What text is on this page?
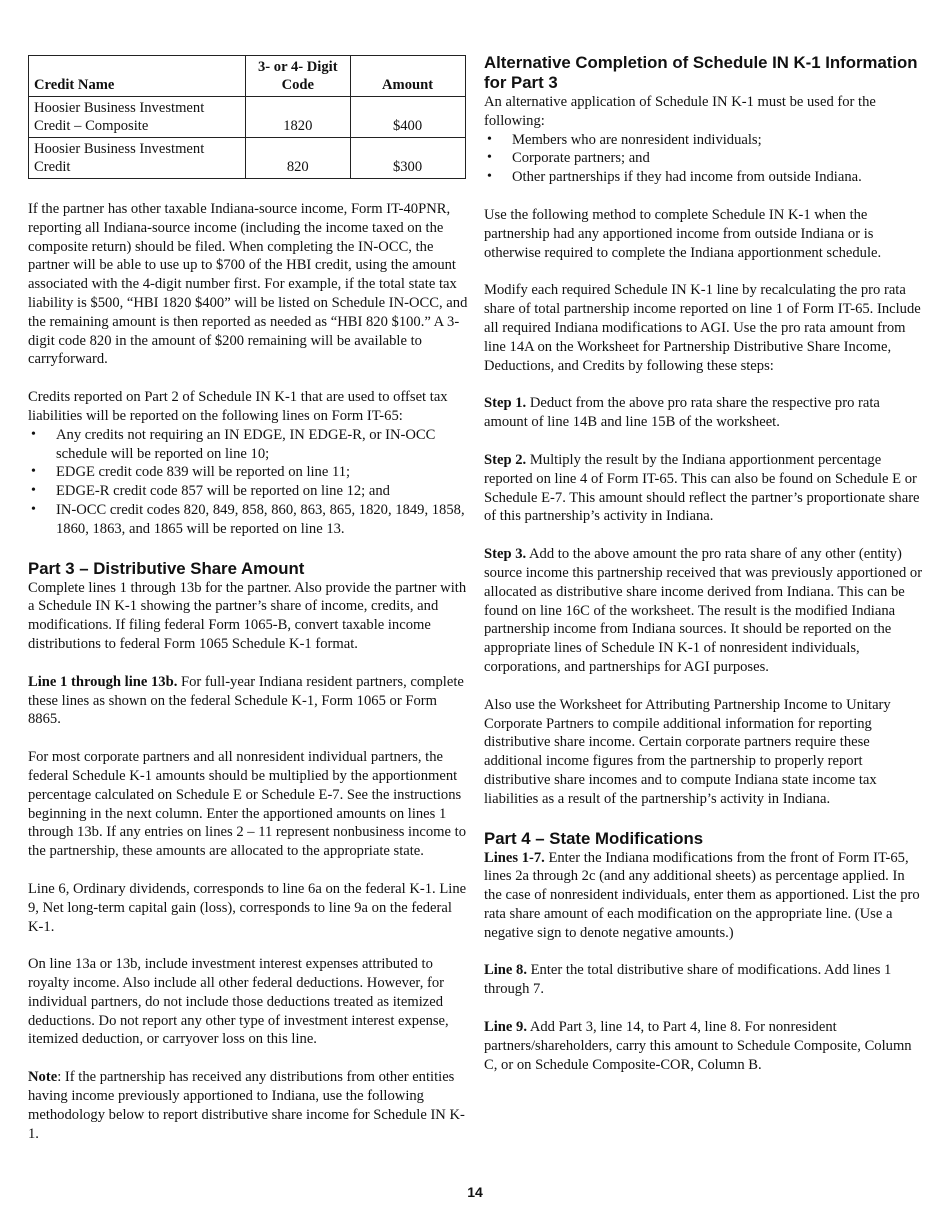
Credit Name	3- or 4- Digit Code	Amount
Hoosier Business Investment Credit – Composite	1820	$400
Hoosier Business Investment Credit	820	$300

If the partner has other taxable Indiana-source income, Form IT-40PNR, reporting all Indiana-source income (including the income taxed on the composite return) should be filed. When completing the IN-OCC, the partner will be able to use up to $700 of the HBI credit, using the amount associated with the 4-digit number first. For example, if the total state tax liability is $500, “HBI 1820 $400” will be listed on Schedule IN-OCC, and the remaining amount is then reported as needed as “HBI 820 $100.” A 3-digit code 820 in the amount of $200 remaining will be available to carryforward.

Credits reported on Part 2 of Schedule IN K-1 that are used to offset tax liabilities will be reported on the following lines on Form IT-65:

• Any credits not requiring an IN EDGE, IN EDGE-R, or IN-OCC schedule will be reported on line 10;
• EDGE credit code 839 will be reported on line 11;
• EDGE-R credit code 857 will be reported on line 12; and
• IN-OCC credit codes 820, 849, 858, 860, 863, 865, 1820, 1849, 1858, 1860, 1863, and 1865 will be reported on line 13.
Part 3 – Distributive Share Amount

Complete lines 1 through 13b for the partner. Also provide the partner with a Schedule IN K-1 showing the partner’s share of income, credits, and modifications. If filing federal Form 1065-B, convert taxable income distributions to federal Form 1065 Schedule K-1 format.

Line 1 through line 13b. For full-year Indiana resident partners, complete these lines as shown on the federal Schedule K-1, Form 1065 or Form 8865.

For most corporate partners and all nonresident individual partners, the federal Schedule K-1 amounts should be multiplied by the apportionment percentage calculated on Schedule E or Schedule E-7. See the instructions beginning in the next column. Enter the apportioned amounts on lines 1 through 13b. If any entries on lines 2 – 11 represent nonbusiness income to the partnership, these amounts are allocated to the appropriate state.

Line 6, Ordinary dividends, corresponds to line 6a on the federal K-1. Line 9, Net long-term capital gain (loss), corresponds to line 9a on the federal K-1.

On line 13a or 13b, include investment interest expenses attributed to royalty income. Also include all other federal deductions. However, for individual partners, do not include those deductions treated as itemized deductions. Do not report any other type of investment interest expense, itemized deduction, or carryover loss on this line.

Note: If the partnership has received any distributions from other entities having income previously apportioned to Indiana, use the following methodology below to report distributive share income for Schedule IN K-1.

Alternative Completion of Schedule IN K-1 Information for Part 3

An alternative application of Schedule IN K-1 must be used for the following:

• Members who are nonresident individuals;
• Corporate partners; and
• Other partnerships if they had income from outside Indiana.

Use the following method to complete Schedule IN K-1 when the partnership had any apportioned income from outside Indiana or is otherwise required to complete the Indiana apportionment schedule.

Modify each required Schedule IN K-1 line by recalculating the pro rata share of total partnership income reported on line 1 of Form IT-65. Include all required Indiana modifications to AGI. Use the pro rata amount from line 14A on the Worksheet for Partnership Distributive Share Income, Deductions, and Credits by following these steps:

Step 1. Deduct from the above pro rata share the respective pro rata amount of line 14B and line 15B of the worksheet.

Step 2. Multiply the result by the Indiana apportionment percentage reported on line 4 of Form IT-65. This can also be found on Schedule E or Schedule E-7. This amount should reflect the partner’s proportionate share of this partnership’s activity in Indiana.

Step 3. Add to the above amount the pro rata share of any other (entity) source income this partnership received that was previously apportioned or allocated as distributive share income derived from Indiana. This can be found on line 16C of the worksheet. The result is the modified Indiana partnership income from Indiana sources. It should be reported on the appropriate lines of Schedule IN K-1 of nonresident individuals, corporations, and partnerships for AGI purposes.

Also use the Worksheet for Attributing Partnership Income to Unitary Corporate Partners to compile additional information for reporting distributive share income. Certain corporate partners require these additional income figures from the partnership to properly report distributive share incomes and to compute Indiana state income tax liabilities as a result of the partnership’s activity in Indiana.

Part 4 – State Modifications

Lines 1-7. Enter the Indiana modifications from the front of Form IT-65, lines 2a through 2c (and any additional sheets) as percentage applied. In the case of nonresident individuals, enter them as apportioned. List the pro rata share amount of each modification on the appropriate line. (Use a negative sign to denote negative amounts.)

Line 8. Enter the total distributive share of modifications. Add lines 1 through 7.

Line 9. Add Part 3, line 14, to Part 4, line 8. For nonresident partners/shareholders, carry this amount to Schedule Composite, Column C, or on Schedule Composite-COR, Column B.

14
